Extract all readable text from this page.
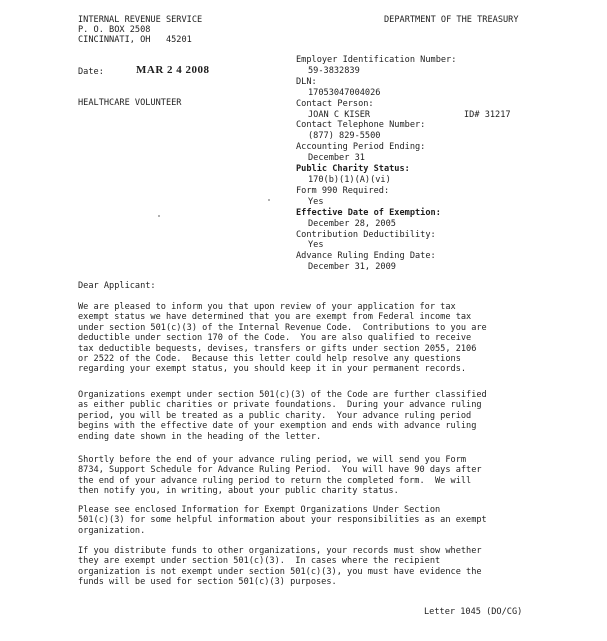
INTERNAL REVENUE SERVICE
P. O. BOX 2508
CINCINNATI, OH   45201
DEPARTMENT OF THE TREASURY
Date:	MAR 2 4 2008
HEALTHCARE VOLUNTEER
Employer Identification Number:
59-3832839
DLN:
17053047004026
Contact Person:
JOAN C KISER	ID# 31217
Contact Telephone Number:
(877) 829-5500
Accounting Period Ending:
December 31
Public Charity Status:
170(b)(1)(A)(vi)
Form 990 Required:
Yes
Effective Date of Exemption:
December 28, 2005
Contribution Deductibility:
Yes
Advance Ruling Ending Date:
December 31, 2009
Dear Applicant:
We are pleased to inform you that upon review of your application for tax
exempt status we have determined that you are exempt from Federal income tax
under section 501(c)(3) of the Internal Revenue Code.  Contributions to you are
deductible under section 170 of the Code.  You are also qualified to receive
tax deductible bequests, devises, transfers or gifts under section 2055, 2106
or 2522 of the Code.  Because this letter could help resolve any questions
regarding your exempt status, you should keep it in your permanent records.
Organizations exempt under section 501(c)(3) of the Code are further classified
as either public charities or private foundations.  During your advance ruling
period, you will be treated as a public charity.  Your advance ruling period
begins with the effective date of your exemption and ends with advance ruling
ending date shown in the heading of the letter.
Shortly before the end of your advance ruling period, we will send you Form
8734, Support Schedule for Advance Ruling Period.  You will have 90 days after
the end of your advance ruling period to return the completed form.  We will
then notify you, in writing, about your public charity status.
Please see enclosed Information for Exempt Organizations Under Section
501(c)(3) for some helpful information about your responsibilities as an exempt
organization.
If you distribute funds to other organizations, your records must show whether
they are exempt under section 501(c)(3).  In cases where the recipient
organization is not exempt under section 501(c)(3), you must have evidence the
funds will be used for section 501(c)(3) purposes.
Letter 1045 (DO/CG)
